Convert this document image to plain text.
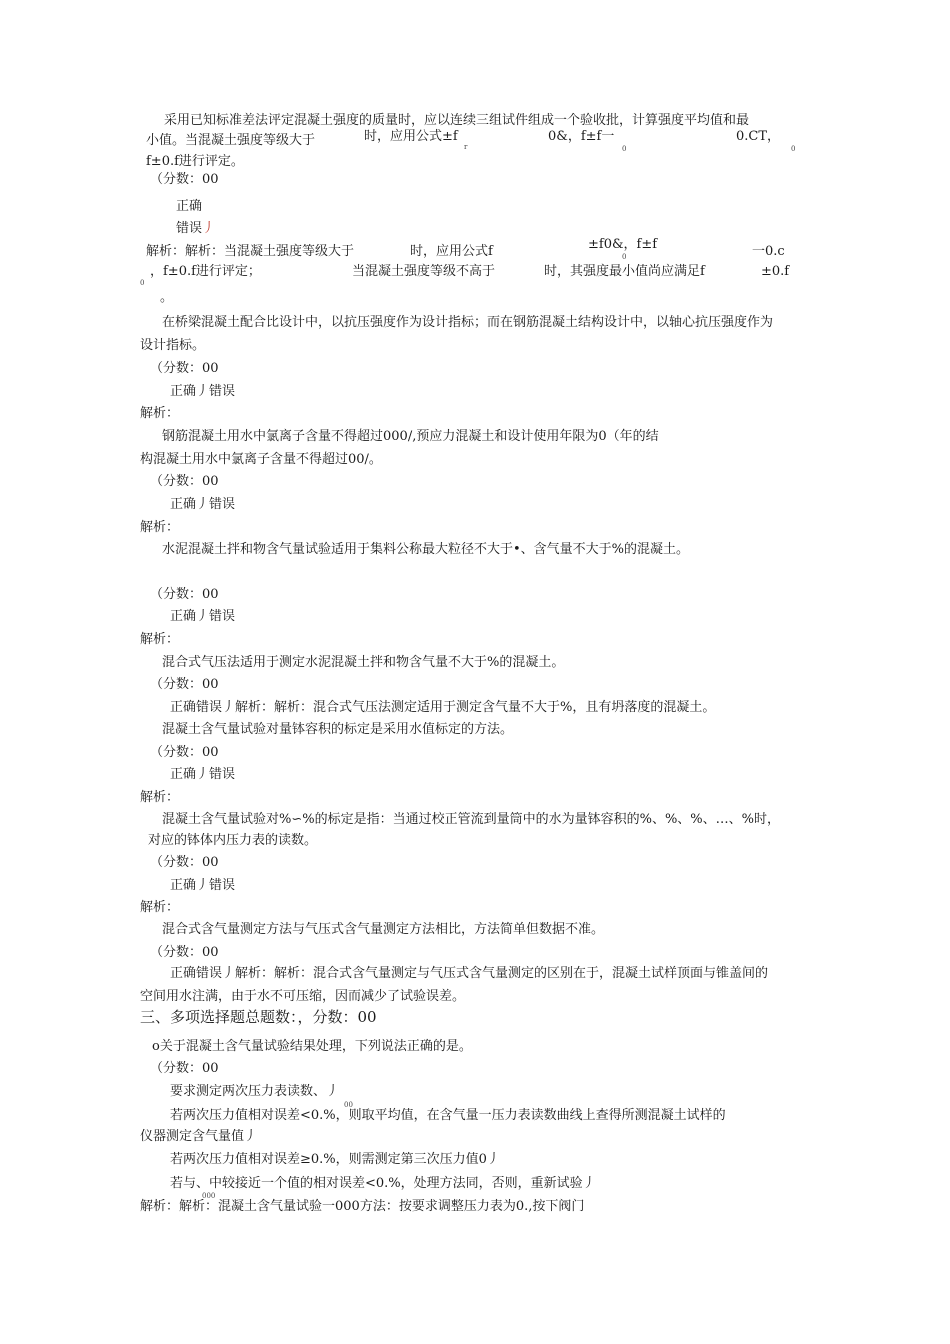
采用已知标准差法评定混凝土强度的质量时，应以连续三组试件组成一个验收批，计算强度平均值和最
小值。当混凝土强度等级大于	时，应用公式±f
r
0&，f±f一
0
0.CT，
0
f±0.f进行评定。
（分数：00
正确
错误丿
解析：解析：当混凝土强度等级大于	时，应用公式f	±f0&，f±f
0	一0.c
0
，f±0.f进行评定；	当混凝土强度等级不高于	时，其强度最小值尚应满足f	±0.f
。
在桥梁混凝土配合比设计中，以抗压强度作为设计指标；而在钢筋混凝土结构设计中，以轴心抗压强度作为
设计指标。
（分数：00
正确丿错误
解析：
钢筋混凝土用水中氯离子含量不得超过000/,预应力混凝土和设计使用年限为0（年的结
构混凝土用水中氯离子含量不得超过00/。
（分数：00
正确丿错误
解析：
水泥混凝土拌和物含气量试验适用于集料公称最大粒径不大于•、含气量不大于%的混凝土。
（分数：00
正确丿错误
解析：
混合式气压法适用于测定水泥混凝土拌和物含气量不大于%的混凝土。
（分数：00
正确错误丿解析：解析：混合式气压法测定适用于测定含气量不大于%，且有坍落度的混凝土。
混凝土含气量试验对量钵容积的标定是采用水值标定的方法。
（分数：00
正确丿错误
解析：
混凝土含气量试验对%∽%的标定是指：当通过校正管流到量筒中的水为量钵容积的%、%、%、…、%时，
对应的钵体内压力表的读数。
（分数：00
正确丿错误
解析：
混合式含气量测定方法与气压式含气量测定方法相比，方法简单但数据不准。
（分数：00
正确错误丿解析：解析：混合式含气量测定与气压式含气量测定的区别在于，混凝土试样顶面与锥盖间的
空间用水注满，由于水不可压缩，因而减少了试验误差。
三、多项选择题总题数：，分数：00
o关于混凝土含气量试验结果处理，下列说法正确的是。
（分数：00
要求测定两次压力表读数、丿
00
若两次压力值相对误差<0.%，则取平均值，在含气量一压力表读数曲线上查得所测混凝土试样的
仪器测定含气量值丿
若两次压力值相对误差≥0.%，则需测定第三次压力值0丿
若与、中较接近一个值的相对误差<0.%，处理方法同，否则，重新试验丿
000
解析：解析：混凝土含气量试验一000方法：按要求调整压力表为0.,按下阀门
